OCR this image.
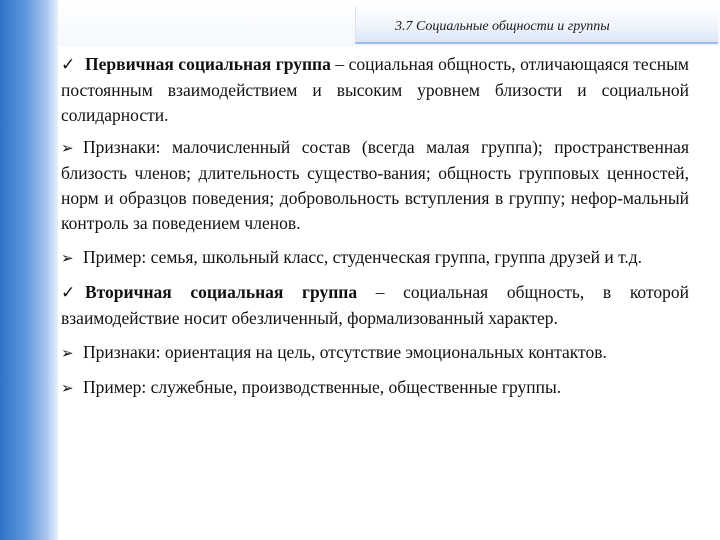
3.7 Социальные общности и группы

✓ Первичная социальная группа – социальная общность, отличающаяся тесным постоянным взаимодействием и высоким уровнем близости и социальной солидарности.

➢ Признаки: малочисленный состав (всегда малая группа); пространственная близость членов; длительность существо-вания; общность групповых ценностей, норм и образцов поведения; добровольность вступления в группу; нефор-мальный контроль за поведением членов.

➢ Пример: семья, школьный класс, студенческая группа, группа друзей и т.д.

✓ Вторичная социальная группа – социальная общность, в которой взаимодействие носит обезличенный, формализованный характер.

➢ Признаки: ориентация на цель, отсутствие эмоциональных контактов.

➢ Пример: служебные, производственные, общественные группы.
